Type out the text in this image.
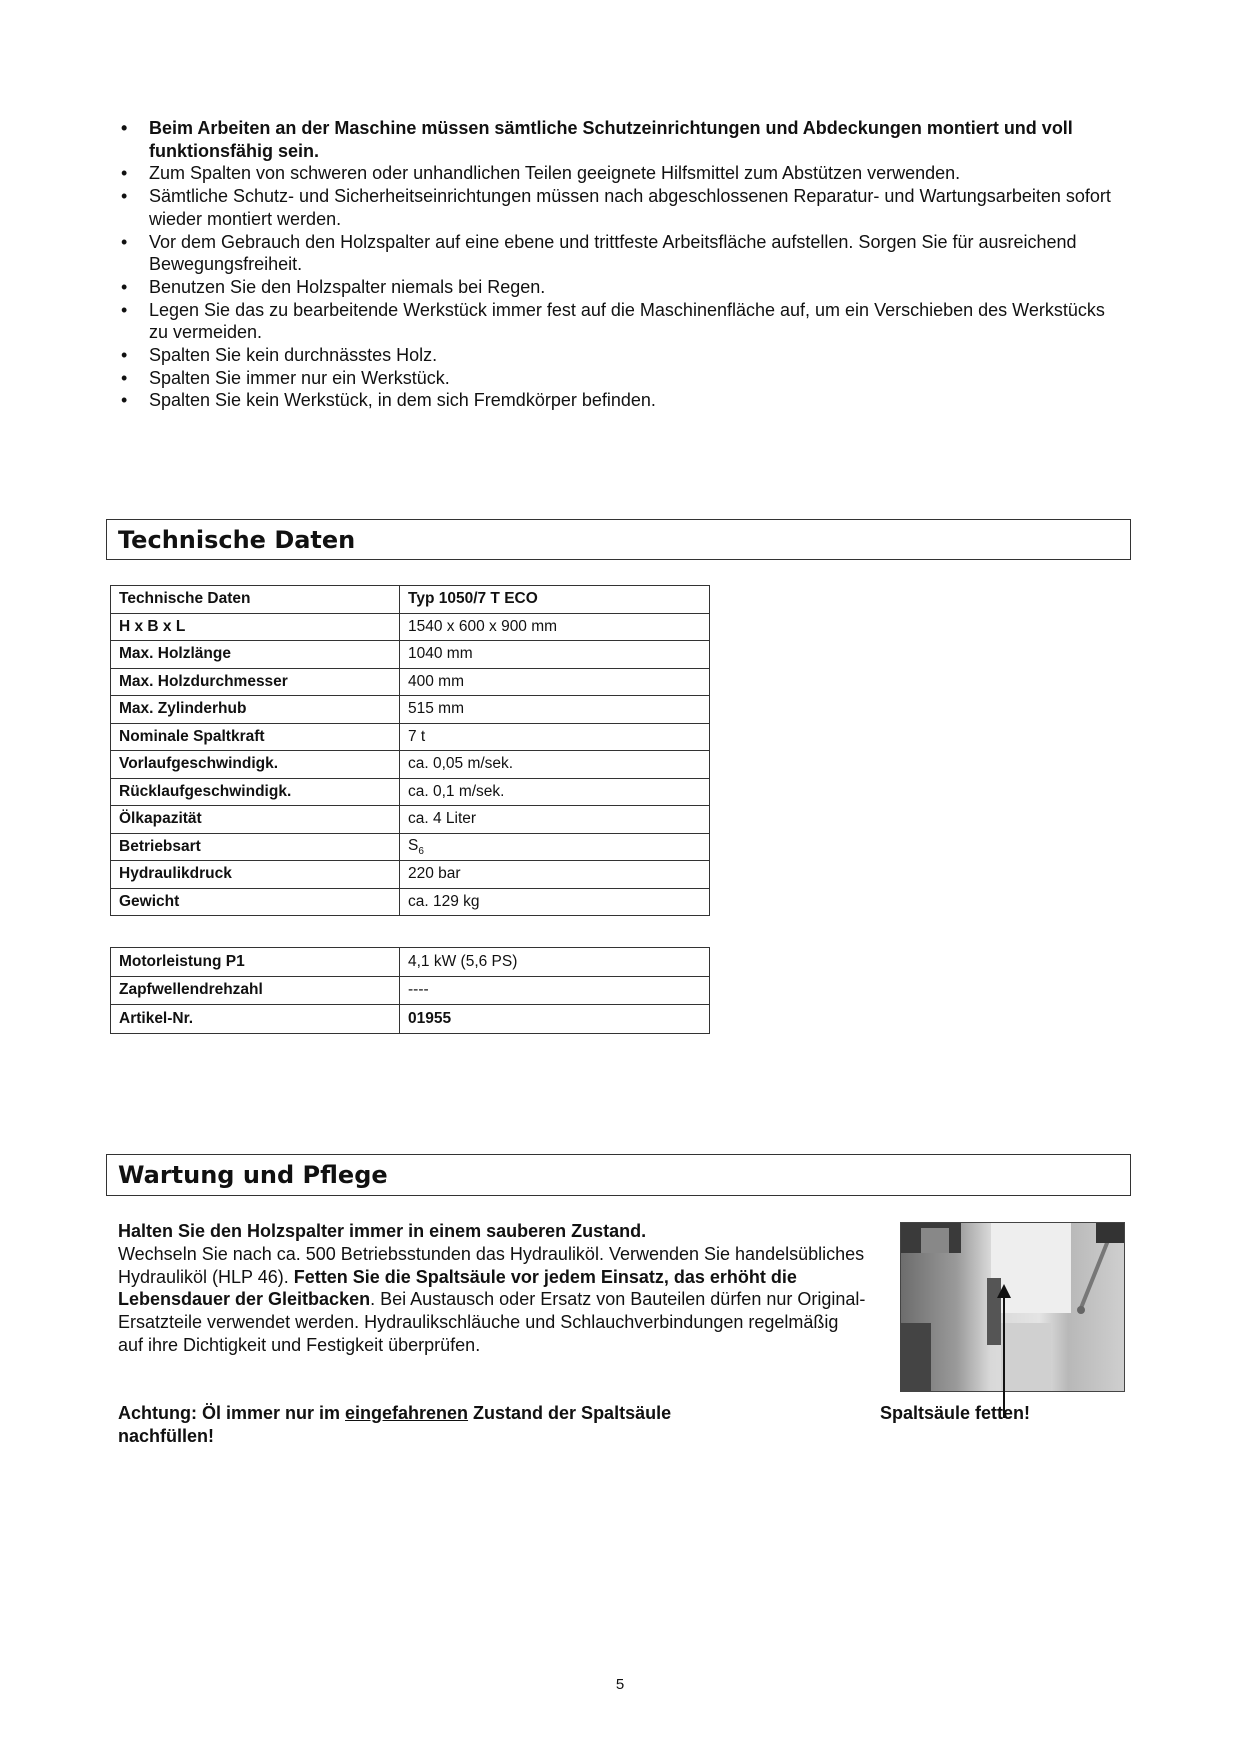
• Beim Arbeiten an der Maschine müssen sämtliche Schutzeinrichtungen und Abdeckungen montiert und voll funktionsfähig sein.
• Zum Spalten von schweren oder unhandlichen Teilen geeignete Hilfsmittel zum Abstützen verwenden.
• Sämtliche Schutz- und Sicherheitseinrichtungen müssen nach abgeschlossenen Reparatur- und Wartungsarbeiten sofort wieder montiert werden.
• Vor dem Gebrauch den Holzspalter auf eine ebene und trittfeste Arbeitsfläche aufstellen. Sorgen Sie für ausreichend Bewegungsfreiheit.
• Benutzen Sie den Holzspalter niemals bei Regen.
• Legen Sie das zu bearbeitende Werkstück immer fest auf die Maschinenfläche auf, um ein Verschieben des Werkstücks zu vermeiden.
• Spalten Sie kein durchnässtes Holz.
• Spalten Sie immer nur ein Werkstück.
• Spalten Sie kein Werkstück, in dem sich Fremdkörper befinden.
Technische Daten
Technische Daten	Typ 1050/7 T ECO
H x B x L	1540 x 600 x 900 mm
Max. Holzlänge	1040 mm
Max. Holzdurchmesser	400 mm
Max. Zylinderhub	515 mm
Nominale Spaltkraft	7 t
Vorlaufgeschwindigk.	ca. 0,05 m/sek.
Rücklaufgeschwindigk.	ca. 0,1 m/sek.
Ölkapazität	ca. 4 Liter
Betriebsart	$S_6$
Hydraulikdruck	220 bar
Gewicht	ca. 129 kg
Motorleistung P1	4,1 kW (5,6 PS)
Zapfwellendrehzahl	----
Artikel-Nr.	01955
Wartung und Pflege
Halten Sie den Holzspalter immer in einem sauberen Zustand.
Wechseln Sie nach ca. 500 Betriebsstunden das Hydrauliköl. Verwenden Sie handelsübliches Hydrauliköl (HLP 46). Fetten Sie die Spaltsäule vor jedem Einsatz, das erhöht die Lebensdauer der Gleitbacken. Bei Austausch oder Ersatz von Bauteilen dürfen nur Original-Ersatzteile verwendet werden. Hydraulikschläuche und Schlauchverbindungen regelmäßig auf ihre Dichtigkeit und Festigkeit überprüfen.
Achtung: Öl immer nur im eingefahrenen Zustand der Spaltsäule nachfüllen!
Spaltsäule fetten!
5
